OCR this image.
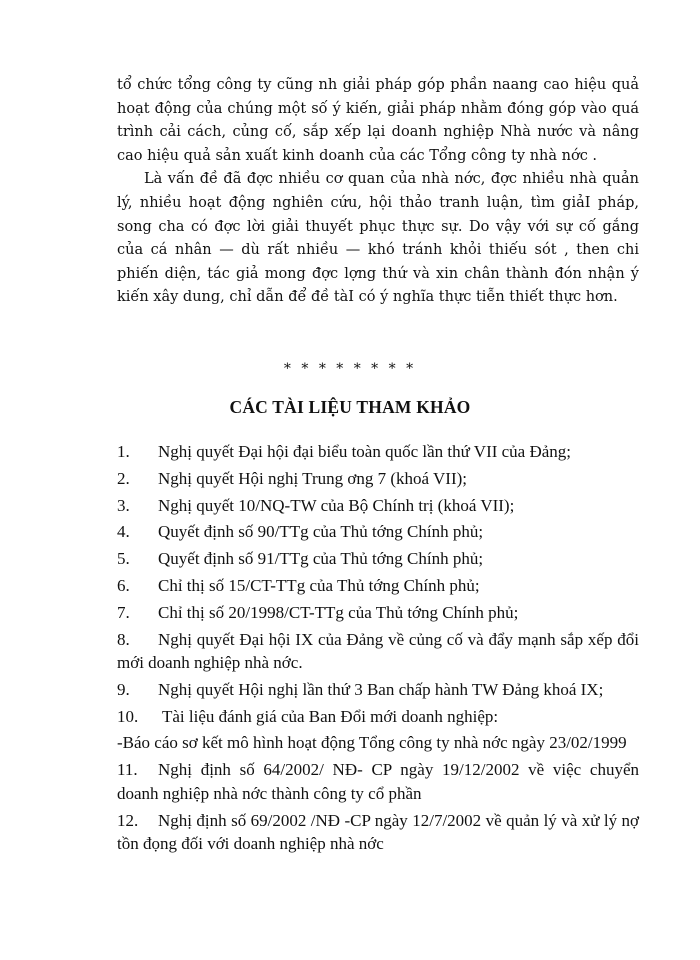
tổ chức tổng công ty cũng nh giải pháp góp phần naang cao hiệu quả hoạt động của chúng một số ý kiến, giải pháp nhằm đóng góp vào quá trình cải cách, củng cố, sắp xếp lại doanh nghiệp Nhà nước và nâng cao hiệu quả sản xuất kinh doanh của các Tổng công ty nhà nớc .

Là vấn đề đã đợc nhiều cơ quan của nhà nớc, đợc nhiều nhà quản lý, nhiều hoạt động nghiên cứu, hội thảo tranh luận, tìm giảI pháp, song cha có đợc lời giải thuyết phục thực sự. Do vậy với sự cố gắng của cá nhân — dù rất nhiều — khó tránh khỏi thiếu sót , then chi phiến diện, tác giả mong đợc lợng thứ và xin chân thành đón nhận ý kiến xây dung, chỉ dẫn để đề tàI có ý nghĩa thực tiễn thiết thực hơn.

* * * * * * * *
CÁC TÀI LIỆU THAM KHẢO

1. Nghị quyết Đại hội đại biểu toàn quốc lần thứ VII của Đảng;

2. Nghị quyết Hội nghị Trung ơng 7 (khoá VII);

3. Nghị quyết 10/NQ-TW của Bộ Chính trị (khoá VII);

4. Quyết định số 90/TTg của Thủ tớng Chính phủ;

5. Quyết định số 91/TTg của Thủ tớng Chính phủ;

6. Chỉ thị số 15/CT-TTg của Thủ tớng Chính phủ;

7. Chỉ thị số 20/1998/CT-TTg của Thủ tớng Chính phủ;

8. Nghị quyết Đại hội IX của Đảng về củng cố và đẩy mạnh sắp xếp đổi mới doanh nghiệp nhà nớc.

9. Nghị quyết Hội nghị lần thứ 3 Ban chấp hành TW Đảng khoá IX;

10. Tài liệu đánh giá của Ban Đổi mới doanh nghiệp:

-Báo cáo sơ kết mô hình hoạt động Tổng công ty nhà nớc ngày 23/02/1999

11. Nghị định số 64/2002/ NĐ- CP ngày 19/12/2002 về việc chuyển doanh nghiệp nhà nớc thành công ty cổ phần

12. Nghị định số 69/2002 /NĐ -CP ngày 12/7/2002 về quản lý và xử lý nợ tồn đọng đối với doanh nghiệp nhà nớc
